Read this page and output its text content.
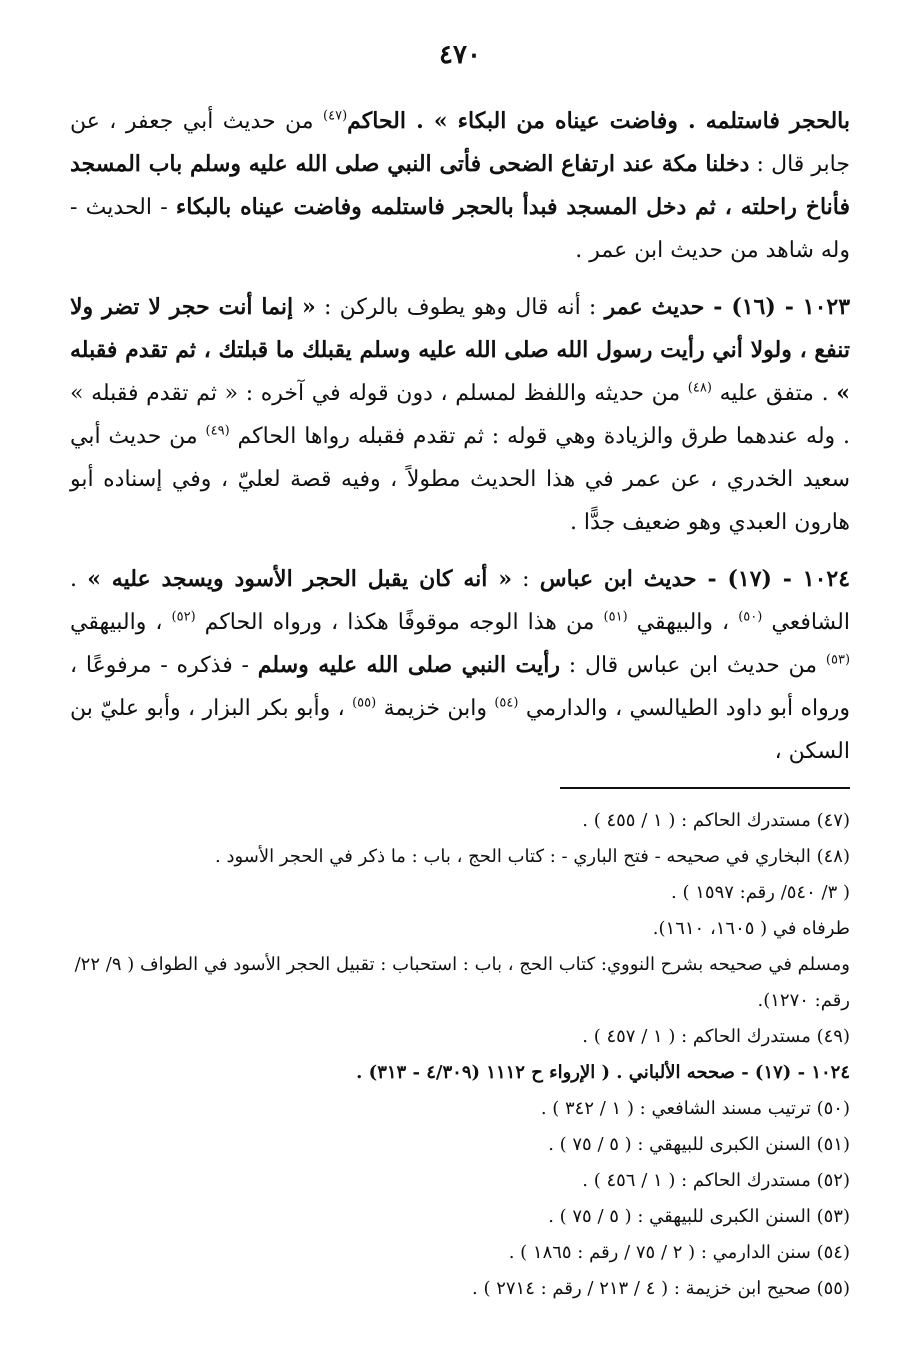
٤٧٠

بالحجر فاستلمه . وفاضت عيناه من البكاء » . الحاكم$^{(٤٧)}$ من حديث أبي جعفر ، عن جابر قال : دخلنا مكة عند ارتفاع الضحى فأتى النبي صلى الله عليه وسلم باب المسجد فأناخ راحلته ، ثم دخل المسجد فبدأ بالحجر فاستلمه وفاضت عيناه بالبكاء - الحديث - وله شاهد من حديث ابن عمر .

١٠٢٣ - (١٦) - حديث عمر : أنه قال وهو يطوف بالركن : « إنما أنت حجر لا تضر ولا تنفع ، ولولا أني رأيت رسول الله صلى الله عليه وسلم يقبلك ما قبلتك ، ثم تقدم فقبله » . متفق عليه $^{(٤٨)}$ من حديثه واللفظ لمسلم ، دون قوله في آخره : « ثم تقدم فقبله » . وله عندهما طرق والزيادة وهي قوله : ثم تقدم فقبله رواها الحاكم $^{(٤٩)}$ من حديث أبي سعيد الخدري ، عن عمر في هذا الحديث مطولاً ، وفيه قصة لعليّ ، وفي إسناده أبو هارون العبدي وهو ضعيف جدًّا .

١٠٢٤ - (١٧) - حديث ابن عباس : « أنه كان يقبل الحجر الأسود ويسجد عليه » . الشافعي $^{(٥٠)}$ ، والبيهقي $^{(٥١)}$ من هذا الوجه موقوفًا هكذا ، ورواه الحاكم $^{(٥٢)}$ ، والبيهقي $^{(٥٣)}$ من حديث ابن عباس قال : رأيت النبي صلى الله عليه وسلم - فذكره - مرفوعًا ، ورواه أبو داود الطيالسي ، والدارمي $^{(٥٤)}$ وابن خزيمة $^{(٥٥)}$ ، وأبو بكر البزار ، وأبو عليّ بن السكن ،

(٤٧) مستدرك الحاكم : ( ١ / ٤٥٥ ) .

(٤٨) البخاري في صحيحه - فتح الباري - : كتاب الحج ، باب : ما ذكر في الحجر الأسود .

( ٣/ ٥٤٠/ رقم: ١٥٩٧ ) .

طرفاه في ( ١٦٠٥، ١٦١٠).

ومسلم في صحيحه بشرح النووي: كتاب الحج ، باب : استحباب : تقبيل الحجر الأسود في الطواف ( ٩/ ٢٢/ رقم: ١٢٧٠).

(٤٩) مستدرك الحاكم : ( ١ / ٤٥٧ ) .

١٠٢٤ - (١٧) - صححه الألباني . ( الإرواء ح ١١١٢ (٤/٣٠٩ - ٣١٣) .

(٥٠) ترتيب مسند الشافعي : ( ١ / ٣٤٢ ) .

(٥١) السنن الكبرى للبيهقي : ( ٥ / ٧٥ ) .

(٥٢) مستدرك الحاكم : ( ١ / ٤٥٦ ) .

(٥٣) السنن الكبرى للبيهقي : ( ٥ / ٧٥ ) .

(٥٤) سنن الدارمي : ( ٢ / ٧٥ / رقم : ١٨٦٥ ) .

(٥٥) صحيح ابن خزيمة : ( ٤ / ٢١٣ / رقم : ٢٧١٤ ) .
